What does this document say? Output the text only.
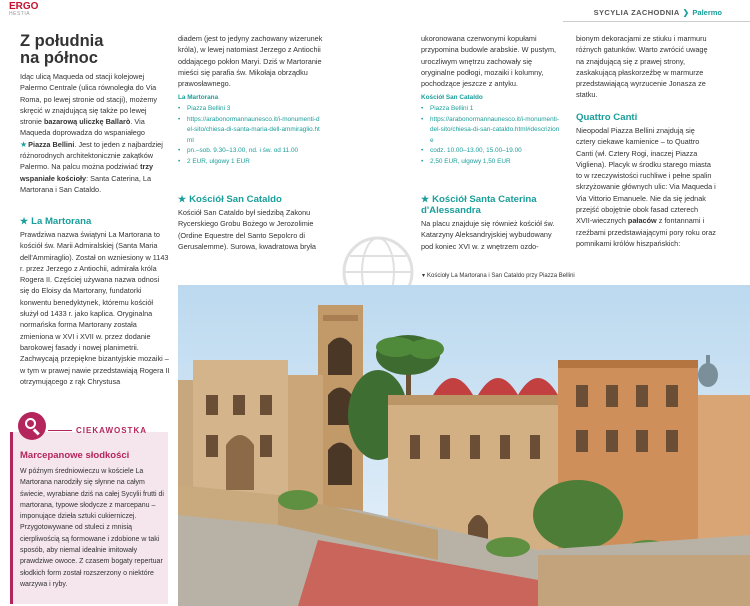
ERGO
HESTIA	SYCYLIA ZACHODNIA ❯ Palermo
Z południa
na północ

Idąc ulicą Maqueda od stacji kolejowej Palermo Centrale (ulica równoległa do Via Roma, po lewej stronie od stacji), możemy skręcić w znajdującą się także po lewej stronie bazarową uliczkę Ballarò. Via Maqueda doprowadza do wspaniałego ★Piazza Bellini. Jest to jeden z najbardziej różnorodnych architektonicznie zakątków Palermo. Na palcu można podziwiać trzy wspaniałe kościoły: Santa Caterina, La Martorana i San Cataldo.

★ La Martorana

Prawdziwa nazwa świątyni La Martorana to kościół św. Marii Admiralskiej (Santa Maria dell'Ammiraglio). Został on wzniesiony w 1143 r. przez Jerzego z Antiochii, admirała króla Rogera II. Częściej używana nazwa odnosi się do Eloisy da Martorany, fundatorki konwentu benedyktynek, któremu kościół służył od 1433 r. jako kaplica. Oryginalna normańska forma Martorany została zmieniona w XVI i XVII w. przez dodanie barokowej fasady i nowej planimetrii. Zachwycają przepiękne bizantyjskie mozaiki – w tym w prawej nawie przedstawiają Rogera II otrzymującego z rąk Chrystusa

CIEKAWOSTKA
Marcepanowe słodkości

W późnym średniowieczu w kościele La Martorana narodziły się słynne na całym świecie, wyrabiane dziś na całej Sycylii frutti di martorana, typowe słodycze z marcepanu – imponujące dzieła sztuki cukierniczej. Przygotowywane od stuleci z mnisią cierpliwością są formowane i zdobione w taki sposób, aby niemal idealnie imitowały prawdziwe owoce. Z czasem bogaty repertuar słodkich form został rozszerzony o niektóre warzywa i ryby.

diadem (jest to jedyny zachowany wizerunek króla), w lewej natomiast Jerzego z Antiochii oddającego pokłon Maryi. Dziś w Martoranie mieści się parafia św. Mikołaja obrządku prawosławnego.

La Martorana
•	Piazza Bellini 3
•	https://arabonormannaunesco.it/i-monumenti-del-sito/chiesa-di-santa-maria-dell-ammiraglio.html
•	pn.–sob. 9.30–13.00, nd. i św. od 11.00
•	2 EUR, ulgowy 1 EUR
★ Kościół San Cataldo

Kościół San Cataldo był siedzibą Zakonu Rycerskiego Grobu Bożego w Jerozolimie (Ordine Equestre del Santo Sepolcro di Gerusalemme). Surowa, kwadratowa bryła

ukoronowana czerwonymi kopułami przypomina budowle arabskie. W pustym, uroczliwym wnętrzu zachowały się oryginalne podłogi, mozaiki i kolumny, pochodzące jeszcze z antyku.

Kościół San Cataldo
•	Piazza Bellini 1
•	https://arabonormannaunesco.it/i-monumenti-del-sito/chiesa-di-san-cataldo.html#descrizione
•	codz. 10.00–13.00, 15.00–19.00
•	2,50 EUR, ulgowy 1,50 EUR
★ Kościół Santa Caterina d'Alessandra

Na placu znajduje się również kościół św. Katarzyny Aleksandryjskiej wybudowany pod koniec XVI w. z wnętrzem ozdo-

bionym dekoracjami ze stiuku i marmuru różnych gatunków. Warto zwrócić uwagę na znajdującą się z prawej strony, zaskakującą płaskorzeźbę w marmurze przedstawiającą wyrzucenie Jonasza ze statku.

Quattro Canti

Nieopodal Piazza Bellini znajdują się cztery ciekawe kamienice – to Quattro Canti (wł. Cztery Rogi, inaczej Piazza Vigliena). Placyk w środku starego miasta to w rzeczywistości ruchliwe i pełne spalin skrzyżowanie głównych ulic: Via Maqueda i Via Vittorio Emanuele. Nie da się jednak przejść obojętnie obok fasad czterech XVII-wiecznych pałaców z fontannami i rzeźbami przedstawiającymi pory roku oraz pomnikami królów hiszpańskich:

▾ Kościoły La Martorana i San Cataldo przy Piazza Bellini
